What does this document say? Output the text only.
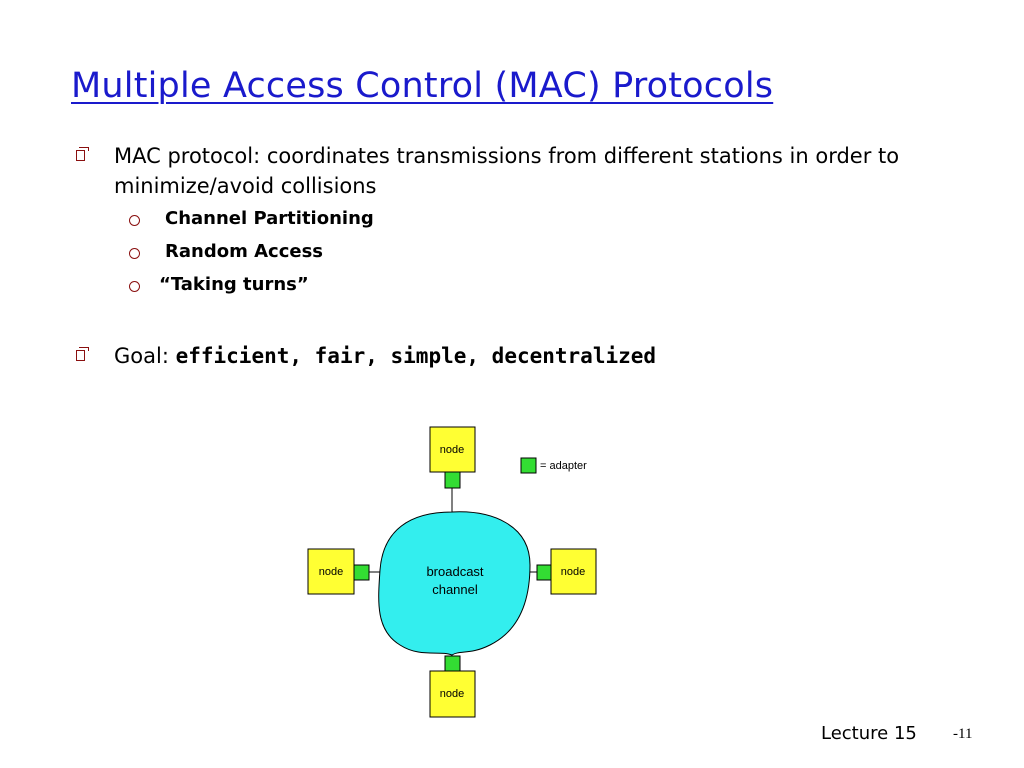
Multiple Access Control (MAC) Protocols
MAC protocol: coordinates transmissions from different stations in order to minimize/avoid collisions
Channel Partitioning
Random Access
“Taking turns”
Goal: efficient, fair, simple, decentralized
broadcast
channel
node
node	node
node
= adapter
Lecture 15 -11
